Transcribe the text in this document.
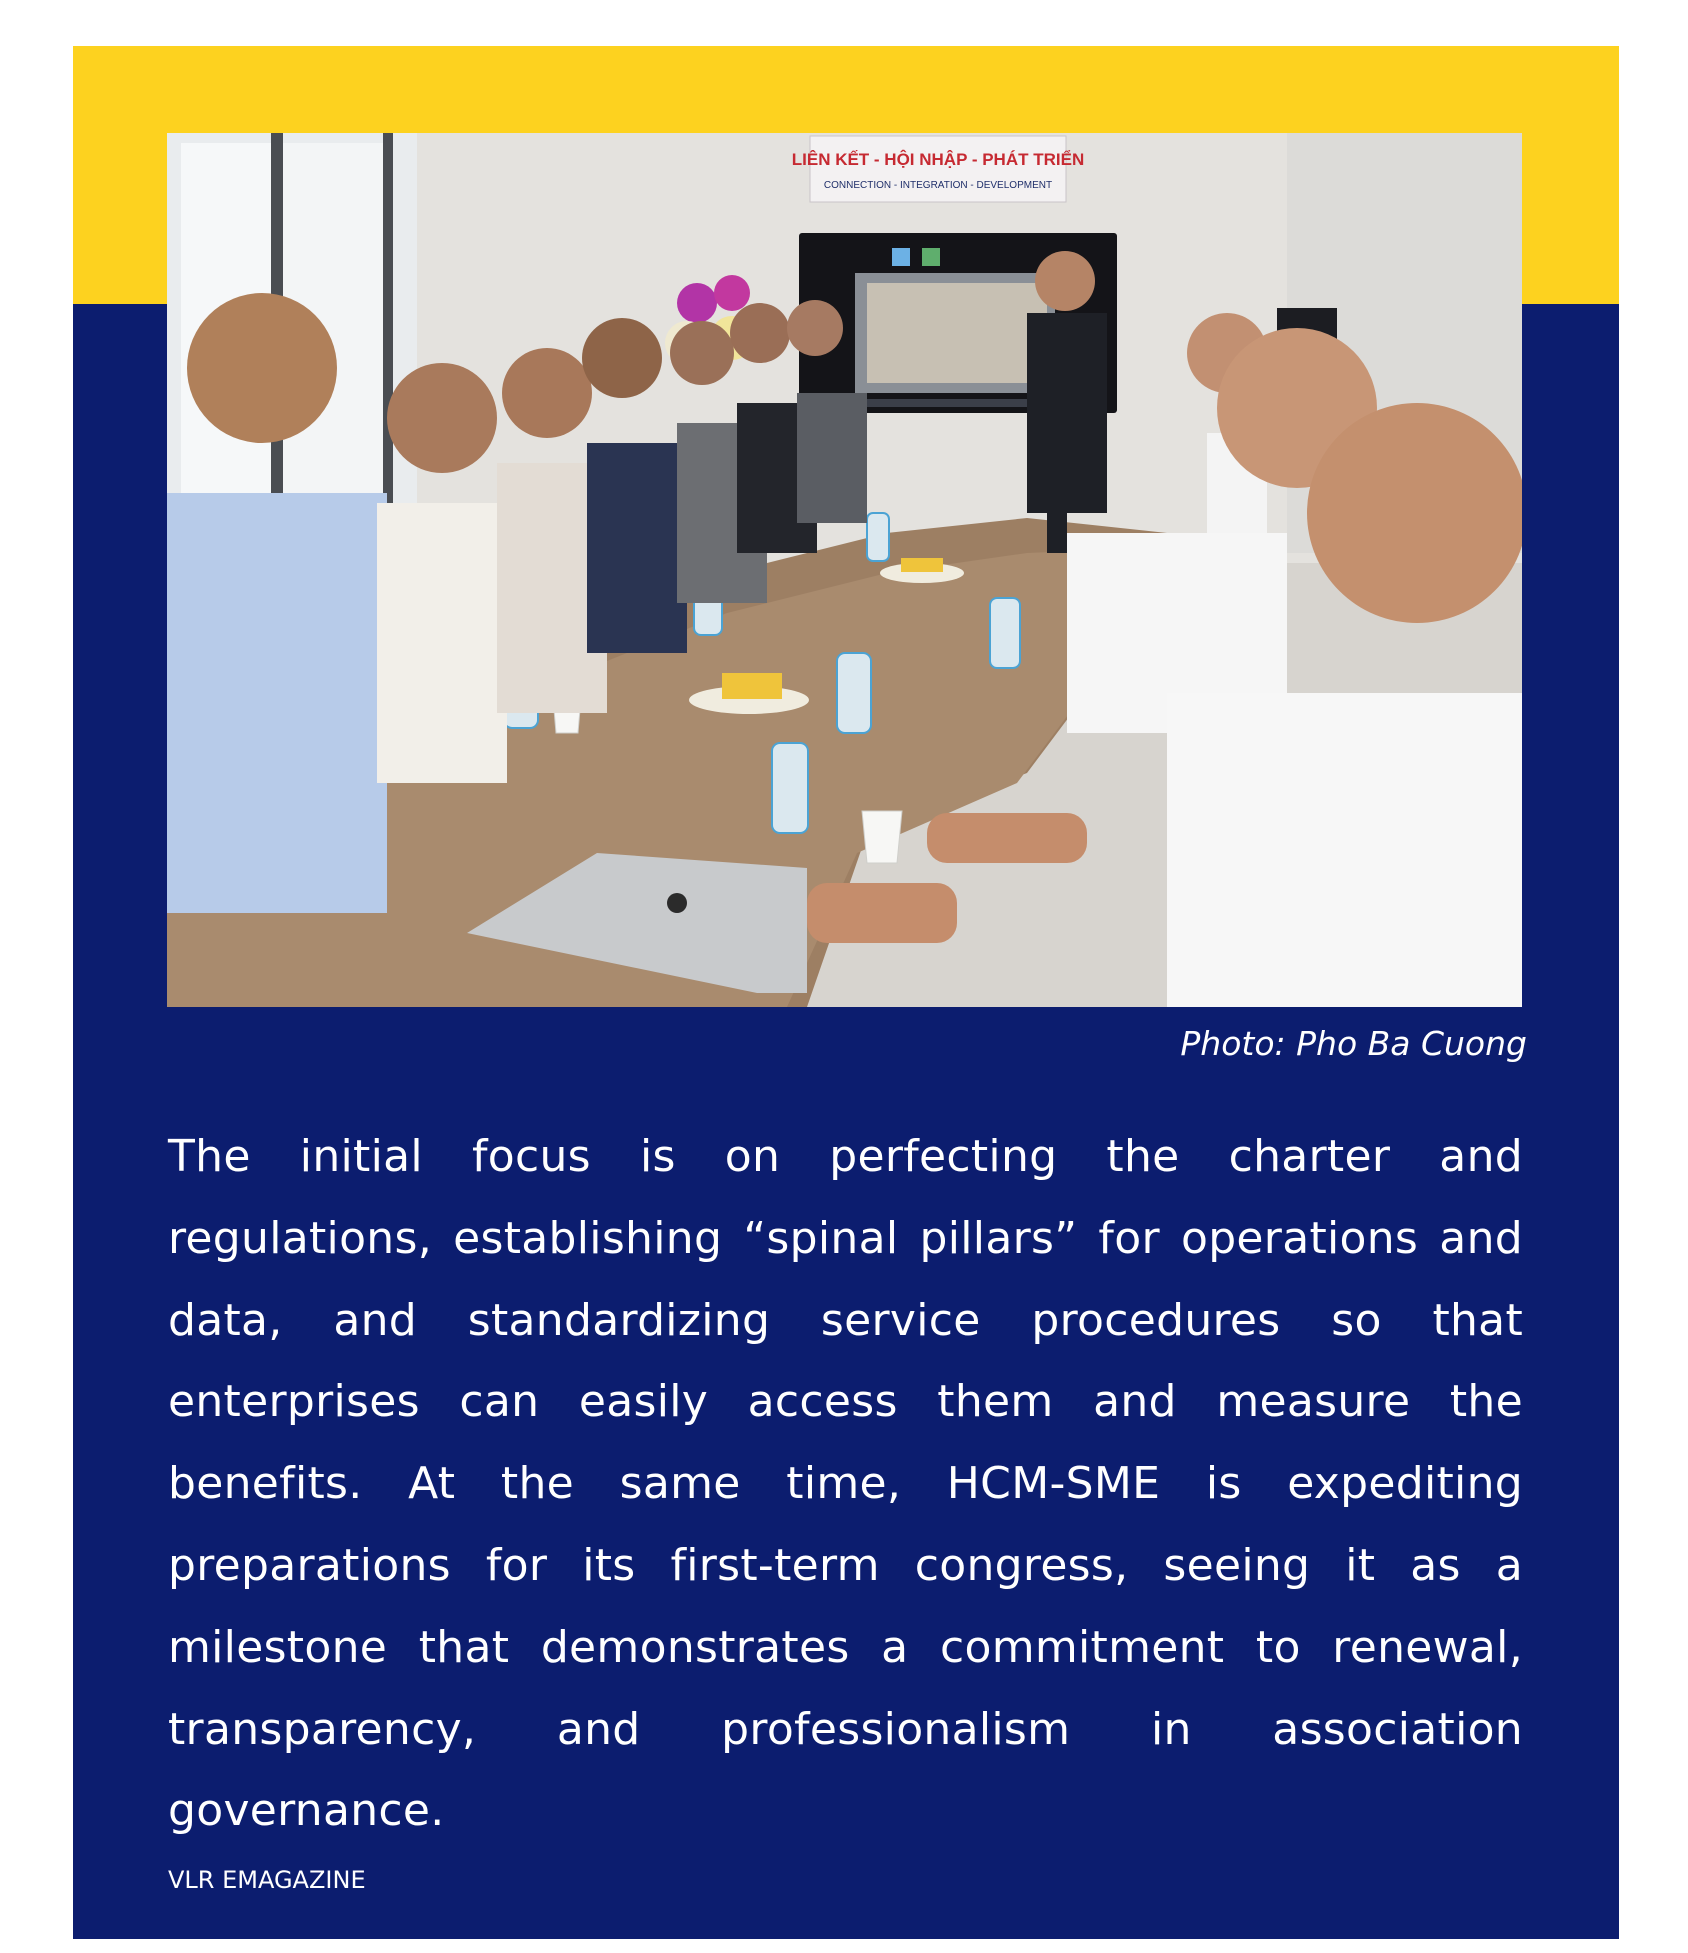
LIÊN KẾT - HỘI NHẬP - PHÁT TRIỂN
CONNECTION - INTEGRATION - DEVELOPMENT

Photo: Pho Ba Cuong

The initial focus is on perfecting the charter and regulations, establishing “spinal pillars” for operations and data, and standardizing service procedures so that enterprises can easily access them and measure the benefits. At the same time, HCM-SME is expediting preparations for its first-term congress, seeing it as a milestone that demonstrates a commitment to renewal, transparency, and professionalism in association governance.

VLR EMAGAZINE
